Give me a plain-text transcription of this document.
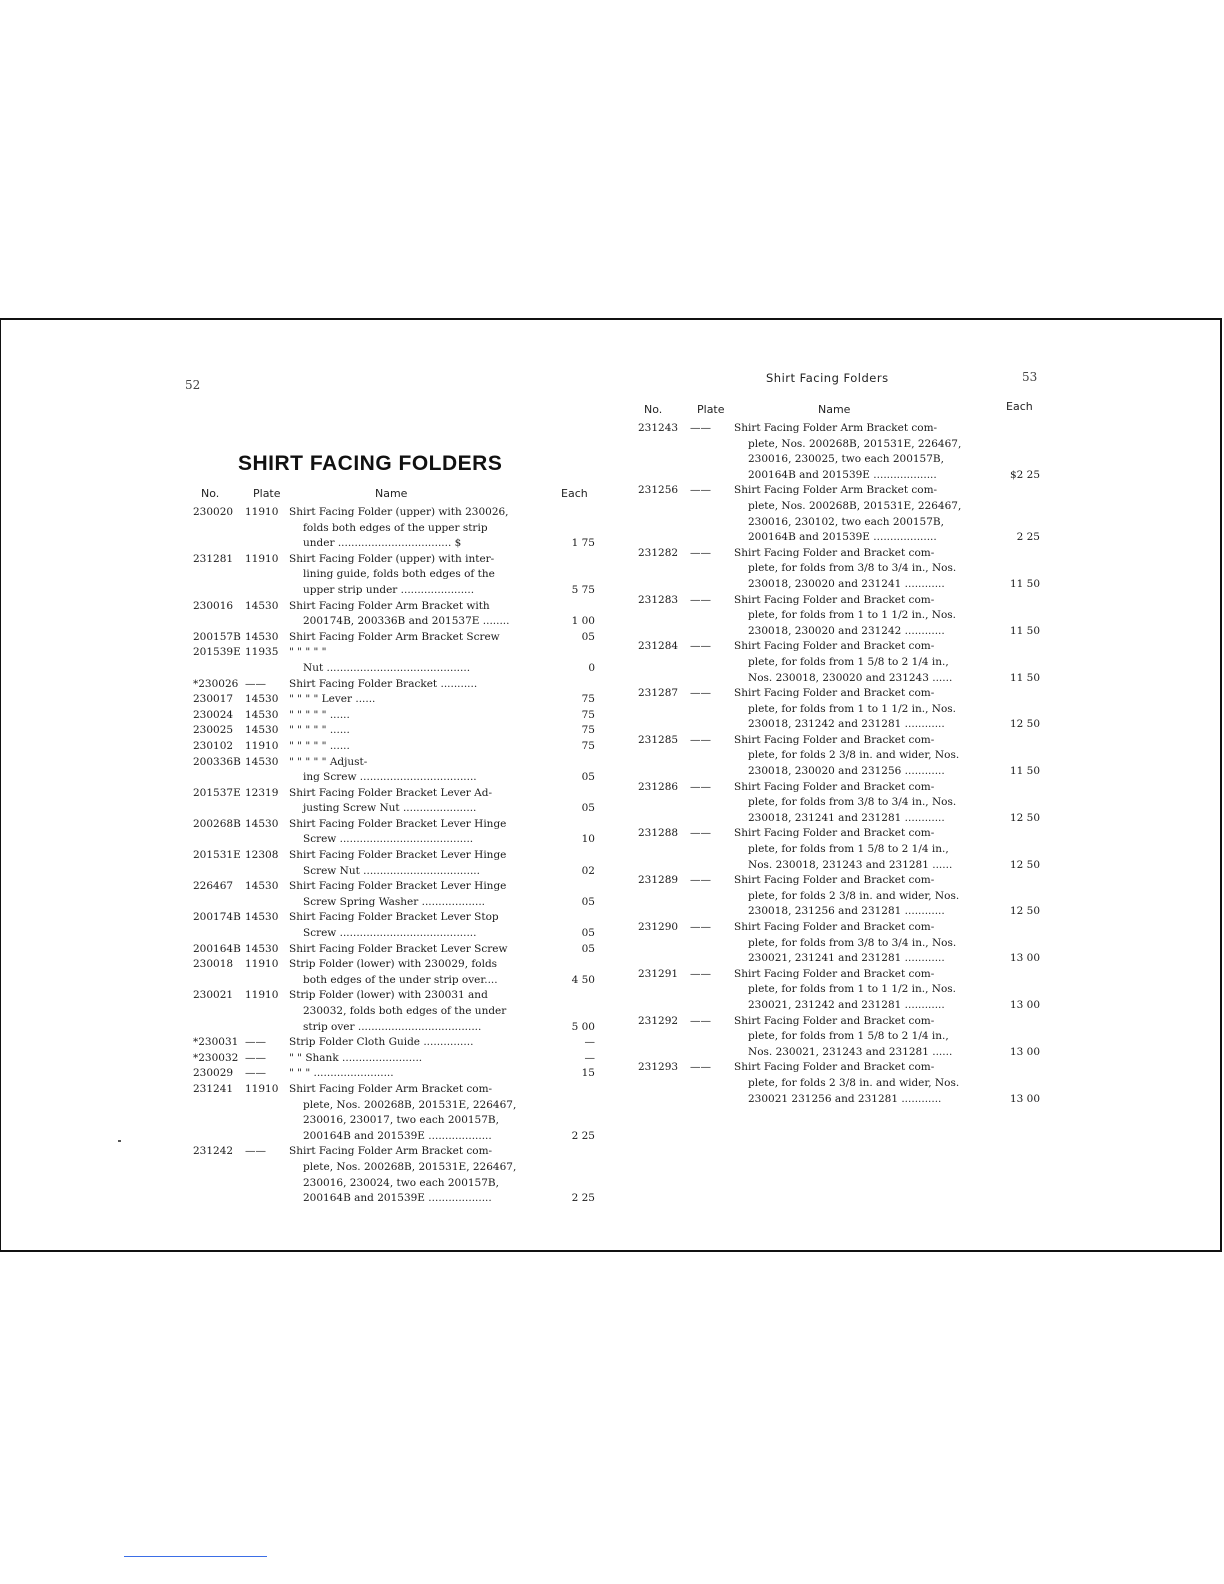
52
SHIRT FACING FOLDERS
No.	Plate	Name	Each
230020	11910	Shirt Facing Folder (upper) with 230026,
folds both edges of the upper strip
under .................................. $	1 75
231281	11910	Shirt Facing Folder (upper) with inter-
lining guide, folds both edges of the
upper strip under ......................	5 75
230016	14530	Shirt Facing Folder Arm Bracket with
200174B, 200336B and 201537E ........	1 00
200157B 14530	Shirt Facing Folder Arm Bracket Screw	05
201539E 11935	" " " " "
Nut ...........................................	0
*230026 ——	Shirt Facing Folder Bracket ...........
230017	14530	" " " " Lever ......	75
230024	14530	" " " " " ......	75
230025	14530	" " " " " ......	75
230102	11910	" " " " " ......	75
200336B 14530	" " " " " Adjust-
ing Screw ...................................	05
201537E 12319	Shirt Facing Folder Bracket Lever Ad-
justing Screw Nut ......................	05
200268B 14530	Shirt Facing Folder Bracket Lever Hinge
Screw ........................................	10
201531E 12308	Shirt Facing Folder Bracket Lever Hinge
Screw Nut ...................................	02
226467	14530	Shirt Facing Folder Bracket Lever Hinge
Screw Spring Washer ...................	05
200174B 14530	Shirt Facing Folder Bracket Lever Stop
Screw .........................................	05
200164B 14530	Shirt Facing Folder Bracket Lever Screw	05
230018	11910	Strip Folder (lower) with 230029, folds
both edges of the under strip over....	4 50
230021	11910	Strip Folder (lower) with 230031 and
230032, folds both edges of the under
strip over .....................................	5 00
*230031 ——	Strip Folder Cloth Guide ...............	—
*230032 ——	" " Shank ........................	—
230029	——	" " " ........................	15
231241	11910	Shirt Facing Folder Arm Bracket com-
plete, Nos. 200268B, 201531E, 226467,
230016, 230017, two each 200157B,
200164B and 201539E ...................	2 25
231242	——	Shirt Facing Folder Arm Bracket com-
plete, Nos. 200268B, 201531E, 226467,
230016, 230024, two each 200157B,
200164B and 201539E ...................	2 25
Shirt Facing Folders	53
No.	Plate	Name	Each
231243	——	Shirt Facing Folder Arm Bracket com-
plete, Nos. 200268B, 201531E, 226467,
230016, 230025, two each 200157B,
200164B and 201539E ...................	$2 25
231256	——	Shirt Facing Folder Arm Bracket com-
plete, Nos. 200268B, 201531E, 226467,
230016, 230102, two each 200157B,
200164B and 201539E ...................	2 25
231282	——	Shirt Facing Folder and Bracket com-
plete, for folds from 3/8 to 3/4 in., Nos.
230018, 230020 and 231241 ............	11 50
231283	——	Shirt Facing Folder and Bracket com-
plete, for folds from 1 to 1 1/2 in., Nos.
230018, 230020 and 231242 ............	11 50
231284	——	Shirt Facing Folder and Bracket com-
plete, for folds from 1 5/8 to 2 1/4 in.,
Nos. 230018, 230020 and 231243 ......	11 50
231287	——	Shirt Facing Folder and Bracket com-
plete, for folds from 1 to 1 1/2 in., Nos.
230018, 231242 and 231281 ............	12 50
231285	——	Shirt Facing Folder and Bracket com-
plete, for folds 2 3/8 in. and wider, Nos.
230018, 230020 and 231256 ............	11 50
231286	——	Shirt Facing Folder and Bracket com-
plete, for folds from 3/8 to 3/4 in., Nos.
230018, 231241 and 231281 ............	12 50
231288	——	Shirt Facing Folder and Bracket com-
plete, for folds from 1 5/8 to 2 1/4 in.,
Nos. 230018, 231243 and 231281 ......	12 50
231289	——	Shirt Facing Folder and Bracket com-
plete, for folds 2 3/8 in. and wider, Nos.
230018, 231256 and 231281 ............	12 50
231290	——	Shirt Facing Folder and Bracket com-
plete, for folds from 3/8 to 3/4 in., Nos.
230021, 231241 and 231281 ............	13 00
231291	——	Shirt Facing Folder and Bracket com-
plete, for folds from 1 to 1 1/2 in., Nos.
230021, 231242 and 231281 ............	13 00
231292	——	Shirt Facing Folder and Bracket com-
plete, for folds from 1 5/8 to 2 1/4 in.,
Nos. 230021, 231243 and 231281 ......	13 00
231293	——	Shirt Facing Folder and Bracket com-
plete, for folds 2 3/8 in. and wider, Nos.
230021 231256 and 231281 ............	13 00
